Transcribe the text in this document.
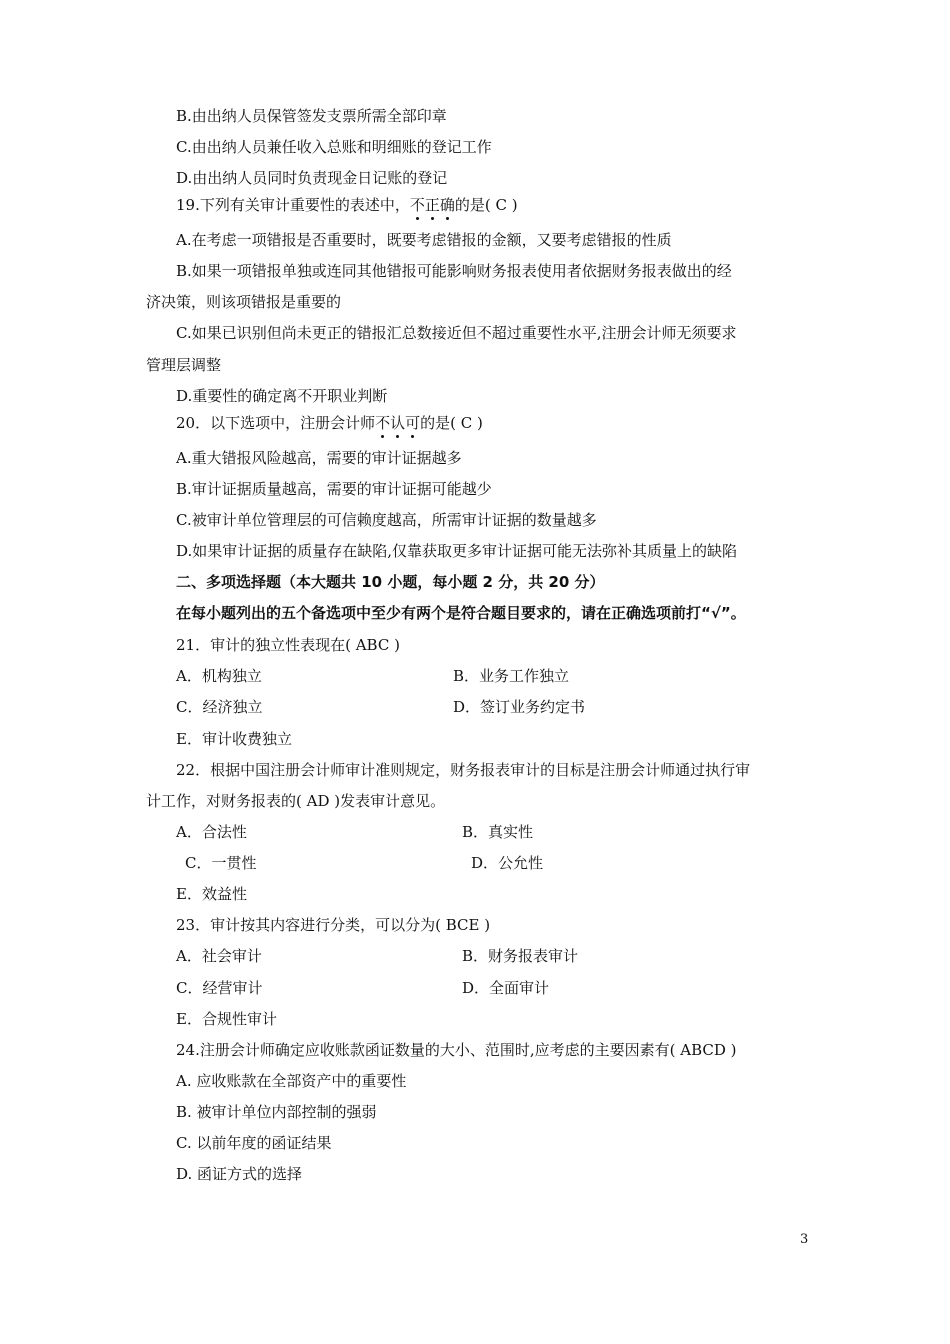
B.由出纳人员保管签发支票所需全部印章
C.由出纳人员兼任收入总账和明细账的登记工作
D.由出纳人员同时负责现金日记账的登记
19.下列有关审计重要性的表述中，不正确的是( C )
A.在考虑一项错报是否重要时，既要考虑错报的金额，又要考虑错报的性质
B.如果一项错报单独或连同其他错报可能影响财务报表使用者依据财务报表做出的经
济决策，则该项错报是重要的
C.如果已识别但尚未更正的错报汇总数接近但不超过重要性水平,注册会计师无须要求
管理层调整
D.重要性的确定离不开职业判断
20．以下选项中，注册会计师不认可的是( C )
A.重大错报风险越高，需要的审计证据越多
B.审计证据质量越高，需要的审计证据可能越少
C.被审计单位管理层的可信赖度越高，所需审计证据的数量越多
D.如果审计证据的质量存在缺陷,仅靠获取更多审计证据可能无法弥补其质量上的缺陷
二、多项选择题（本大题共 10 小题，每小题 2 分，共 20 分）
在每小题列出的五个备选项中至少有两个是符合题目要求的，请在正确选项前打“√”。
21．审计的独立性表现在( ABC )
A．机构独立	B．业务工作独立
C．经济独立	D．签订业务约定书
E．审计收费独立
22．根据中国注册会计师审计准则规定，财务报表审计的目标是注册会计师通过执行审
计工作，对财务报表的( AD )发表审计意见。
A．合法性	B．真实性
C．一贯性	D．公允性
E．效益性
23．审计按其内容进行分类，可以分为( BCE )
A．社会审计	B．财务报表审计
C．经营审计	D．全面审计
E．合规性审计
24.注册会计师确定应收账款函证数量的大小、范围时,应考虑的主要因素有( ABCD )
A. 应收账款在全部资产中的重要性
B. 被审计单位内部控制的强弱
C. 以前年度的函证结果
D. 函证方式的选择
3
